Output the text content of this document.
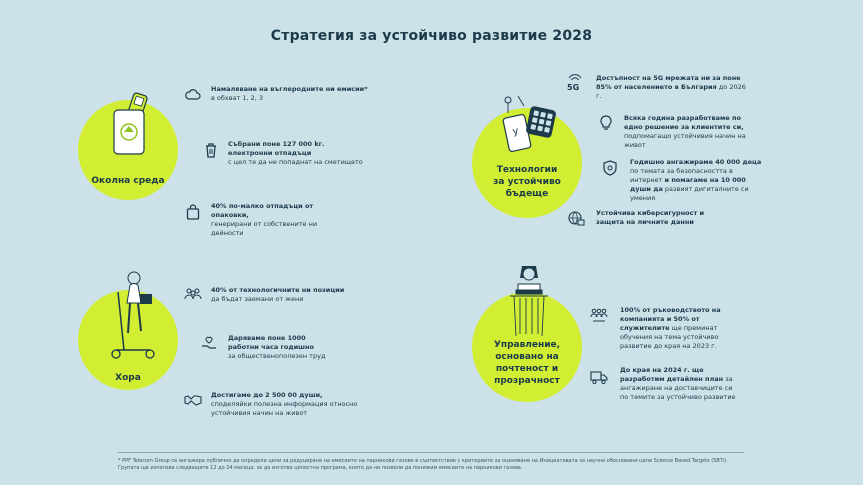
Стратегия за устойчиво развитие 2028
Околна среда
Намаляване на въглеродните ни емисии*
в обхват 1, 2, 3
Събрани поне 127 000 kг. електронни отпадъци
с цел те да не попаднат на сметището
40% по-малко отпадъци от опаковки,
генерирани от собствените ни дейности
y
Технологии
за устойчиво
бъдеще
5G
Достъпност на 5G мрежата ни за поне 85% от населението в България до 2026 г.
Всяка година разработваме по едно решение за клиентите си, подпомагащо устойчивия начин на живот
Годишно ангажираме 40 000 деца по темата за безопасността в интернет и помагаме на 10 000 души да развият дигиталните си умения
Устойчива киберсигурност и защита на личните данни
Хора
40% от технологичните ни позиции
да бъдат заемани от жени
Даряваме поне 1000 работни часа годишно
за общественополезен труд
Достигаме до 2 500 00 души,
споделяйки полезна информация относно устойчивия начин на живот
Управление,
основано на
почтеност и
прозрачност
100% от ръководството на компанията и 50% от служителите ще преминат обучения на тема устойчиво развитие до края на 2023 г.
До края на 2024 г. ще разработим детайлен план за ангажиране на доставчиците си по темите за устойчиво развитие
* PPF Telecom Group се ангажира публично да определи цели за редуциране на емисиите на парникови газове в съответствие с критериите за оценяване на Инициативата за научно обосновани цели Science Based Targets (SBTi). Групата ще използва следващите 12 до 24 месеца, за да изготви цялостна програма, която да ни позволи да понижим емисиите на парникови газове.
